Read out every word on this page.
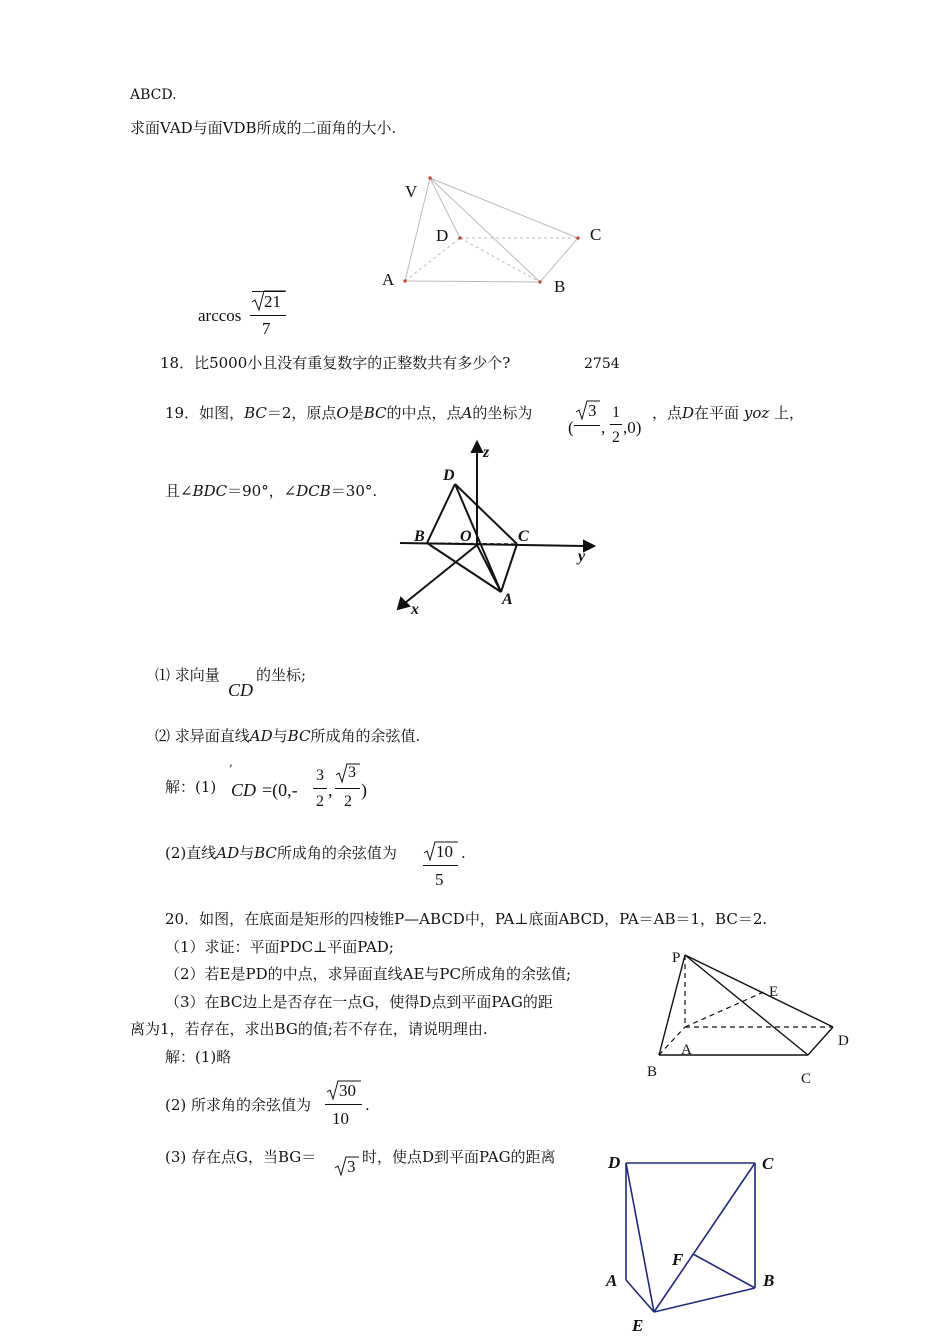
ABCD.
求面VAD与面VDB所成的二面角的大小.
V
D	C
A	B
arccos
21
7
18．比5000小且没有重复数字的正整数共有多少个?	2754
19．如图，BC＝2，原点O是BC的中点，点A的坐标为
(
3
,
1
2
,0)
，点D在平面 yoz 上，
且∠BDC＝90°，∠DCB＝30°.
D
z
B O	C
y
A
x
⑴ 求向量
CD
的坐标;
⑵ 求异面直线AD与BC所成角的余弦值.
,
解：(1) CD =(0,-
3
2
,
3
2
)
(2)直线AD与BC所成角的余弦值为 10
5
.
20．如图，在底面是矩形的四棱锥P—ABCD中，PA⊥底面ABCD，PA＝AB＝1，BC＝2.
（1）求证：平面PDC⊥平面PAD;
（2）若E是PD的中点，求异面直线AE与PC所成角的余弦值;
（3）在BC边上是否存在一点G，使得D点到平面PAG的距
离为1，若存在，求出BG的值;若不存在，请说明理由.
解：(1)略
(2) 所求角的余弦值为
30
10
.
(3) 存在点G，当BG＝ 3 时，使点D到平面PAG的距离
P
E
A
D
B	C
D	C
F
A	B
E
